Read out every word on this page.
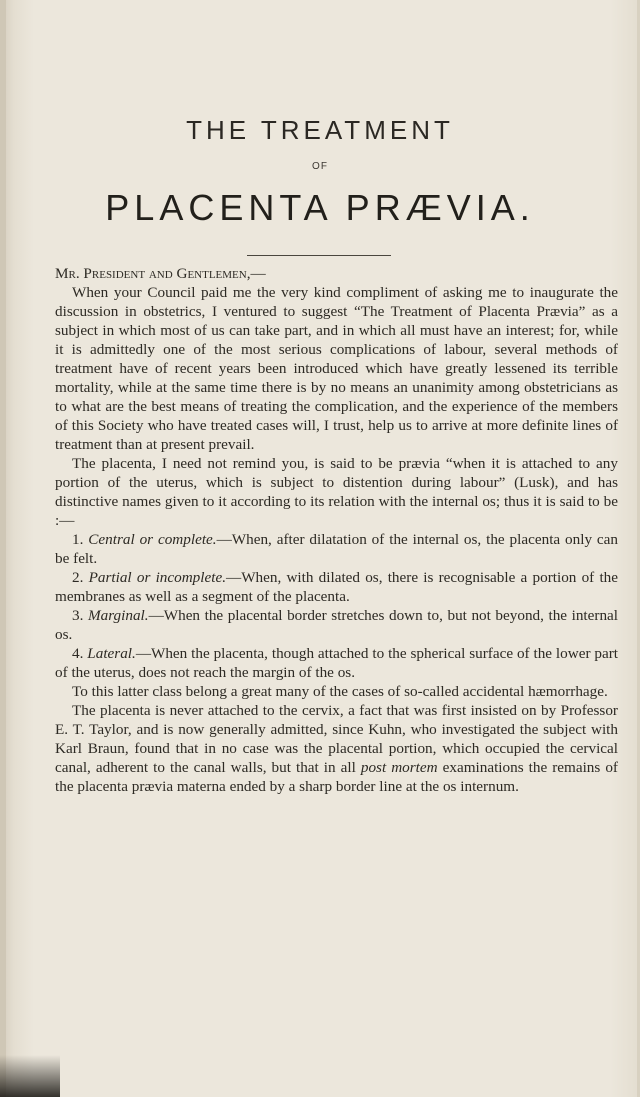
THE TREATMENT
OF
PLACENTA PRÆVIA.

Mr. President and Gentlemen,—

When your Council paid me the very kind compliment of asking me to inaugurate the discussion in obstetrics, I ventured to suggest “The Treatment of Placenta Prævia” as a subject in which most of us can take part, and in which all must have an interest; for, while it is admittedly one of the most serious complications of labour, several methods of treatment have of recent years been introduced which have greatly lessened its terrible mortality, while at the same time there is by no means an unanimity among obstetricians as to what are the best means of treating the complication, and the experience of the members of this Society who have treated cases will, I trust, help us to arrive at more definite lines of treatment than at present prevail.

The placenta, I need not remind you, is said to be prævia “when it is attached to any portion of the uterus, which is subject to distention during labour” (Lusk), and has distinctive names given to it according to its relation with the internal os; thus it is said to be :—

1. Central or complete.—When, after dilatation of the internal os, the placenta only can be felt.

2. Partial or incomplete.—When, with dilated os, there is recognisable a portion of the membranes as well as a segment of the placenta.

3. Marginal.—When the placental border stretches down to, but not beyond, the internal os.

4. Lateral.—When the placenta, though attached to the spherical surface of the lower part of the uterus, does not reach the margin of the os.

To this latter class belong a great many of the cases of so-called accidental hæmorrhage.

The placenta is never attached to the cervix, a fact that was first insisted on by Professor E. T. Taylor, and is now generally admitted, since Kuhn, who investigated the subject with Karl Braun, found that in no case was the placental portion, which occupied the cervical canal, adherent to the canal walls, but that in all post mortem examinations the remains of the placenta prævia materna ended by a sharp border line at the os internum.
